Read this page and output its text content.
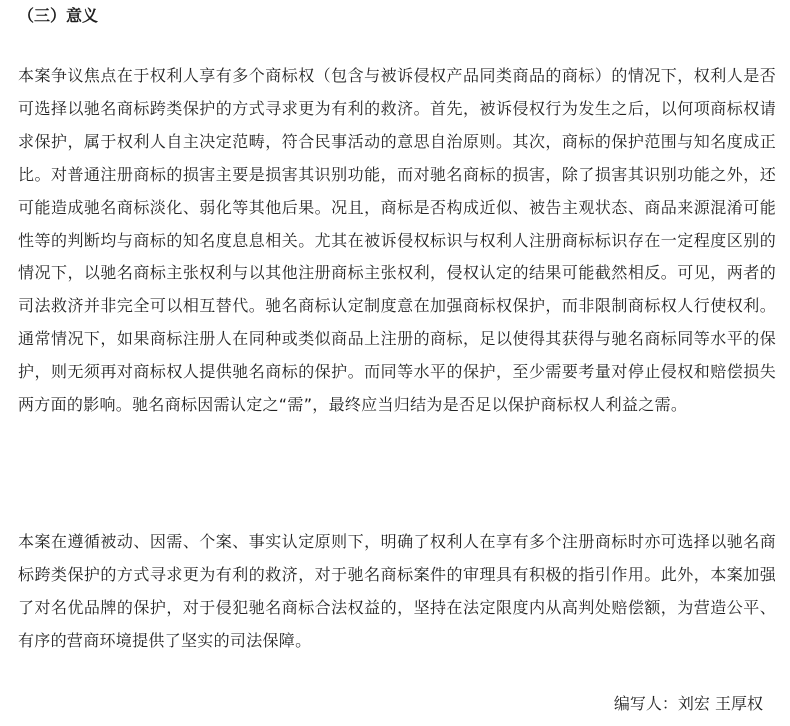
（三）意义

本案争议焦点在于权利人享有多个商标权（包含与被诉侵权产品同类商品的商标）的情况下，权利人是否可选择以驰名商标跨类保护的方式寻求更为有利的救济。首先，被诉侵权行为发生之后，以何项商标权请求保护，属于权利人自主决定范畴，符合民事活动的意思自治原则。其次，商标的保护范围与知名度成正比。对普通注册商标的损害主要是损害其识别功能，而对驰名商标的损害，除了损害其识别功能之外，还可能造成驰名商标淡化、弱化等其他后果。况且，商标是否构成近似、被告主观状态、商品来源混淆可能性等的判断均与商标的知名度息息相关。尤其在被诉侵权标识与权利人注册商标标识存在一定程度区别的情况下，以驰名商标主张权利与以其他注册商标主张权利，侵权认定的结果可能截然相反。可见，两者的司法救济并非完全可以相互替代。驰名商标认定制度意在加强商标权保护，而非限制商标权人行使权利。通常情况下，如果商标注册人在同种或类似商品上注册的商标，足以使得其获得与驰名商标同等水平的保护，则无须再对商标权人提供驰名商标的保护。而同等水平的保护，至少需要考量对停止侵权和赔偿损失两方面的影响。驰名商标因需认定之“需”，最终应当归结为是否足以保护商标权人利益之需。

本案在遵循被动、因需、个案、事实认定原则下，明确了权利人在享有多个注册商标时亦可选择以驰名商标跨类保护的方式寻求更为有利的救济，对于驰名商标案件的审理具有积极的指引作用。此外，本案加强了对名优品牌的保护，对于侵犯驰名商标合法权益的，坚持在法定限度内从高判处赔偿额，为营造公平、有序的营商环境提供了坚实的司法保障。

编写人：刘宏 王厚权
